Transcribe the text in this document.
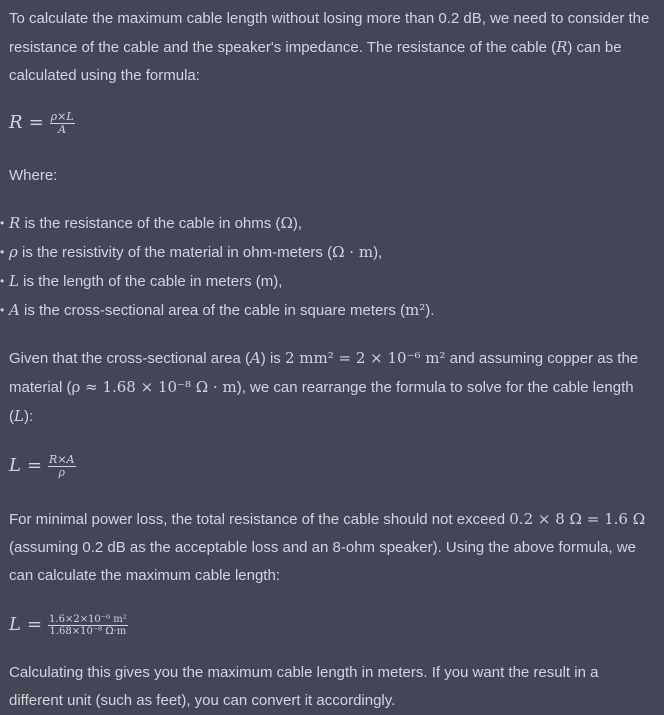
To calculate the maximum cable length without losing more than 0.2 dB, we need to consider the resistance of the cable and the speaker's impedance. The resistance of the cable (R) can be calculated using the formula:

$R = \frac{\rho\times L}{A}$

Where:

• R is the resistance of the cable in ohms (Ω),
• ρ is the resistivity of the material in ohm-meters (Ω · m),
• L is the length of the cable in meters (m),
• A is the cross-sectional area of the cable in square meters (m²).

Given that the cross-sectional area (A) is 2 mm² = 2 × 10⁻⁶ m² and assuming copper as the material (ρ ≈ 1.68 × 10⁻⁸ Ω · m), we can rearrange the formula to solve for the cable length (L):

$L = \frac{R\times A}{\rho}$

For minimal power loss, the total resistance of the cable should not exceed 0.2 × 8 Ω = 1.6 Ω (assuming 0.2 dB as the acceptable loss and an 8-ohm speaker). Using the above formula, we can calculate the maximum cable length:

$L = \frac{\text{1.6×2×10⁻⁶ m²}}{\text{1.68×10⁻⁸ Ω·m}}$

Calculating this gives you the maximum cable length in meters. If you want the result in a different unit (such as feet), you can convert it accordingly.
